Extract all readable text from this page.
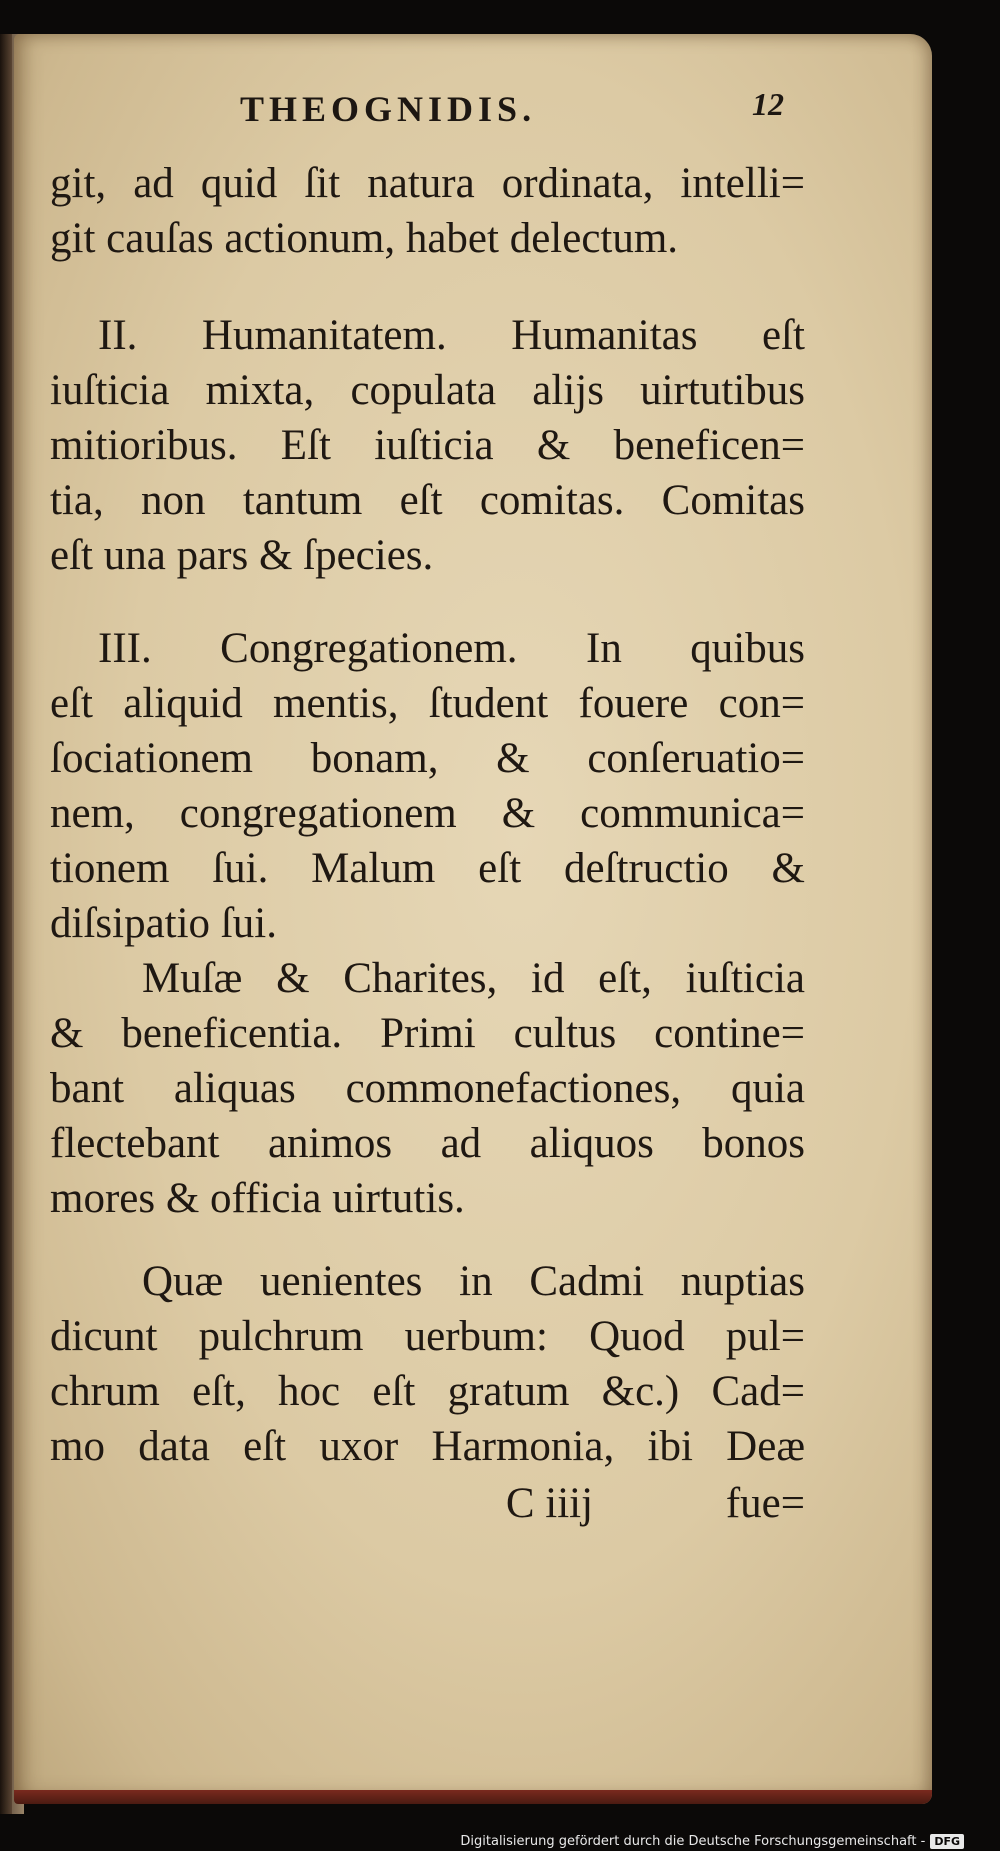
THEOGNIDIS.	12
git, ad quid ſit natura ordinata, intelli=
git cauſas actionum, habet delectum.
II. Humanitatem. Humanitas eſt
iuſticia mixta, copulata alijs uirtutibus
mitioribus. Eſt iuſticia & beneficen=
tia, non tantum eſt comitas. Comitas
eſt una pars & ſpecies.
III. Congregationem. In quibus
eſt aliquid mentis, ſtudent fouere con=
ſociationem bonam, & conſeruatio=
nem, congregationem & communica=
tionem ſui. Malum eſt deſtructio &
diſsipatio ſui.
Muſæ & Charites, id eſt, iuſticia
& beneficentia. Primi cultus contine=
bant aliquas commonefactiones, quia
flectebant animos ad aliquos bonos
mores & officia uirtutis.
Quæ uenientes in Cadmi nuptias
dicunt pulchrum uerbum: Quod pul=
chrum eſt, hoc eſt gratum &c.) Cad=
mo data eſt uxor Harmonia, ibi Deæ
C iiij	fue=
Digitalisierung gefördert durch die Deutsche Forschungsgemeinschaft - DFG
